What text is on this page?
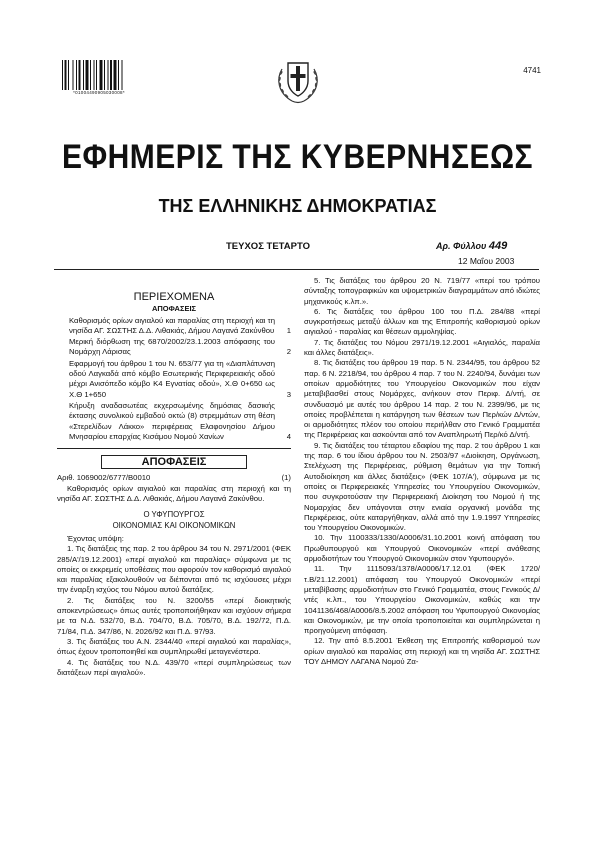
*01004490905030008*
4741
ΕΦΗΜΕΡΙΣ ΤΗΣ ΚΥΒΕΡΝΗΣΕΩΣ
ΤΗΣ ΕΛΛΗΝΙΚΗΣ ΔΗΜΟΚΡΑΤΙΑΣ
ΤΕΥΧΟΣ ΤΕΤΑΡΤΟ	Αρ. Φύλλου 449
12 Μαΐου 2003

ΠΕΡΙΕΧΟΜΕΝΑ

ΑΠΟΦΑΣΕΙΣ

Καθορισμός ορίων αιγιαλού και παραλίας στη περιοχή και τη νησίδα ΑΓ. ΣΩΣΤΗΣ Δ.Δ. Λιθακιάς, Δήμου Λαγανά Ζακύνθου 1

Μερική διόρθωση της 6870/2002/23.1.2003 απόφασης του Νομάρχη Λάρισας	2

Εφαρμογή του άρθρου 1 του Ν. 653/77 για τη «Διαπλάτυνση οδού Λαγκαδά από κόμβο Εσωτερικής Περιφερειακής οδού μέχρι Ανισόπεδο κόμβο Κ4 Εγνατίας οδού», Χ.Θ 0+650 ως Χ.Θ 1+650	3

Κήρυξη αναδασωτέας εκχερσωμένης δημόσιας δασικής έκτασης συνολικού εμβαδού οκτώ (8) στρεμμάτων στη θέση «Στερελίδων Λάκκο» περιφέρειας Ελαφονησίου Δήμου Μνησαρίου επαρχίας Κισάμου Νομού Χανίων	4

ΑΠΟΦΑΣΕΙΣ

Αριθ. 1069002/6777/Β0010	(1)

Καθορισμός ορίων αιγιαλού και παραλίας στη περιοχή και τη νησίδα ΑΓ. ΣΩΣΤΗΣ Δ.Δ. Λιθακιάς, Δήμου Λαγανά Ζακύνθου.

Ο ΥΦΥΠΟΥΡΓΟΣ

ΟΙΚΟΝΟΜΙΑΣ ΚΑΙ ΟΙΚΟΝΟΜΙΚΩΝ

Έχοντας υπόψη:

1. Τις διατάξεις της παρ. 2 του άρθρου 34 του Ν. 2971/2001 (ΦΕΚ 285/Α'/19.12.2001) «περί αιγιαλού και παραλίας» σύμφωνα με τις οποίες οι εκκρεμείς υποθέσεις που αφορούν τον καθορισμό αιγιαλού και παραλίας εξακολουθούν να διέπονται από τις ισχύουσες μέχρι την έναρξη ισχύος του Νόμου αυτού διατάξεις.

2. Τις διατάξεις του Ν. 3200/55 «περί διοικητικής αποκεντρώσεως» όπως αυτές τροποποιήθηκαν και ισχύουν σήμερα με τα Ν.Δ. 532/70, Β.Δ. 704/70, Β.Δ. 705/70, Β.Δ. 192/72, Π.Δ. 71/84, Π.Δ. 347/86, Ν. 2026/92 και Π.Δ. 97/93.

3. Τις διατάξεις του Α.Ν. 2344/40 «περί αιγιαλού και παραλίας», όπως έχουν τροποποιηθεί και συμπληρωθεί μεταγενέστερα.

4. Τις διατάξεις του Ν.Δ. 439/70 «περί συμπληρώσεως των διατάξεων περί αιγιαλού».

5. Τις διατάξεις του άρθρου 20 Ν. 719/77 «περί του τρόπου σύνταξης τοπογραφικών και υψομετρικών διαγραμμάτων από ιδιώτες μηχανικούς κ.λπ.».

6. Τις διατάξεις του άρθρου 100 του Π.Δ. 284/88 «περί συγκροτήσεως μεταξύ άλλων και της Επιτροπής καθορισμού ορίων αιγιαλού - παραλίας και θέσεων αμμοληψίας.

7. Τις διατάξεις του Νόμου 2971/19.12.2001 «Αιγιαλός, παραλία και άλλες διατάξεις».

8. Τις διατάξεις του άρθρου 19 παρ. 5 Ν. 2344/95, του άρθρου 52 παρ. 6 Ν. 2218/94, του άρθρου 4 παρ. 7 του Ν. 2240/94, δυνάμει των οποίων αρμοδιότητες του Υπουργείου Οικονομικών που είχαν μεταβιβασθεί στους Νομάρχες, ανήκουν στον Περιφ. Δ/ντή, σε συνδυασμό με αυτές του άρθρου 14 παρ. 2 του Ν. 2399/96, με τις οποίες προβλέπεται η κατάργηση των θέσεων των Περ/κών Δ/ντών, οι αρμοδιότητες πλέον του οποίου περιήλθαν στο Γενικό Γραμματέα της Περιφέρειας και ασκούνται από τον Αναπληρωτή Περ/κό Δ/ντή.

9. Τις διατάξεις του τέταρτου εδαφίου της παρ. 2 του άρθρου 1 και της παρ. 6 του ίδιου άρθρου του Ν. 2503/97 «Διοίκηση, Οργάνωση, Στελέχωση της Περιφέρειας, ρύθμιση θεμάτων για την Τοπική Αυτοδιοίκηση και άλλες διατάξεις» (ΦΕΚ 107/Α'), σύμφωνα με τις οποίες οι Περιφερειακές Υπηρεσίες του Υπουργείου Οικονομικών, που συγκροτούσαν την Περιφερειακή Διοίκηση του Νομού ή της Νομαρχίας δεν υπάγονται στην ενιαία οργανική μονάδα της Περιφέρειας, ούτε καταργήθηκαν, αλλά από την 1.9.1997 Υπηρεσίες του Υπουργείου Οικονομικών.

10. Την 1100333/1330/Α0006/31.10.2001 κοινή απόφαση του Πρωθυπουργού και Υπουργού Οικονομικών «περί ανάθεσης αρμοδιοτήτων του Υπουργού Οικονομικών στον Υφυπουργό».

11. Την 1115093/1378/Α0006/17.12.01 (ΦΕΚ 1720/τ.Β/21.12.2001) απόφαση του Υπουργού Οικονομικών «περί μεταβίβασης αρμοδιοτήτων στο Γενικό Γραμματέα, στους Γενικούς Δ/ντές κ.λπ., του Υπουργείου Οικονομικών, καθώς και την 1041136/468/Α0006/8.5.2002 απόφαση του Υφυπουργού Οικονομίας και Οικονομικών, με την οποία τροποποιείται και συμπληρώνεται η προηγούμενη απόφαση.

12. Την από 8.5.2001 Έκθεση της Επιτροπής καθορισμού των ορίων αιγιαλού και παραλίας στη περιοχή και τη νησίδα ΑΓ. ΣΩΣΤΗΣ ΤΟΥ ΔΗΜΟΥ ΛΑΓΑΝΑ Νομού Ζα-
